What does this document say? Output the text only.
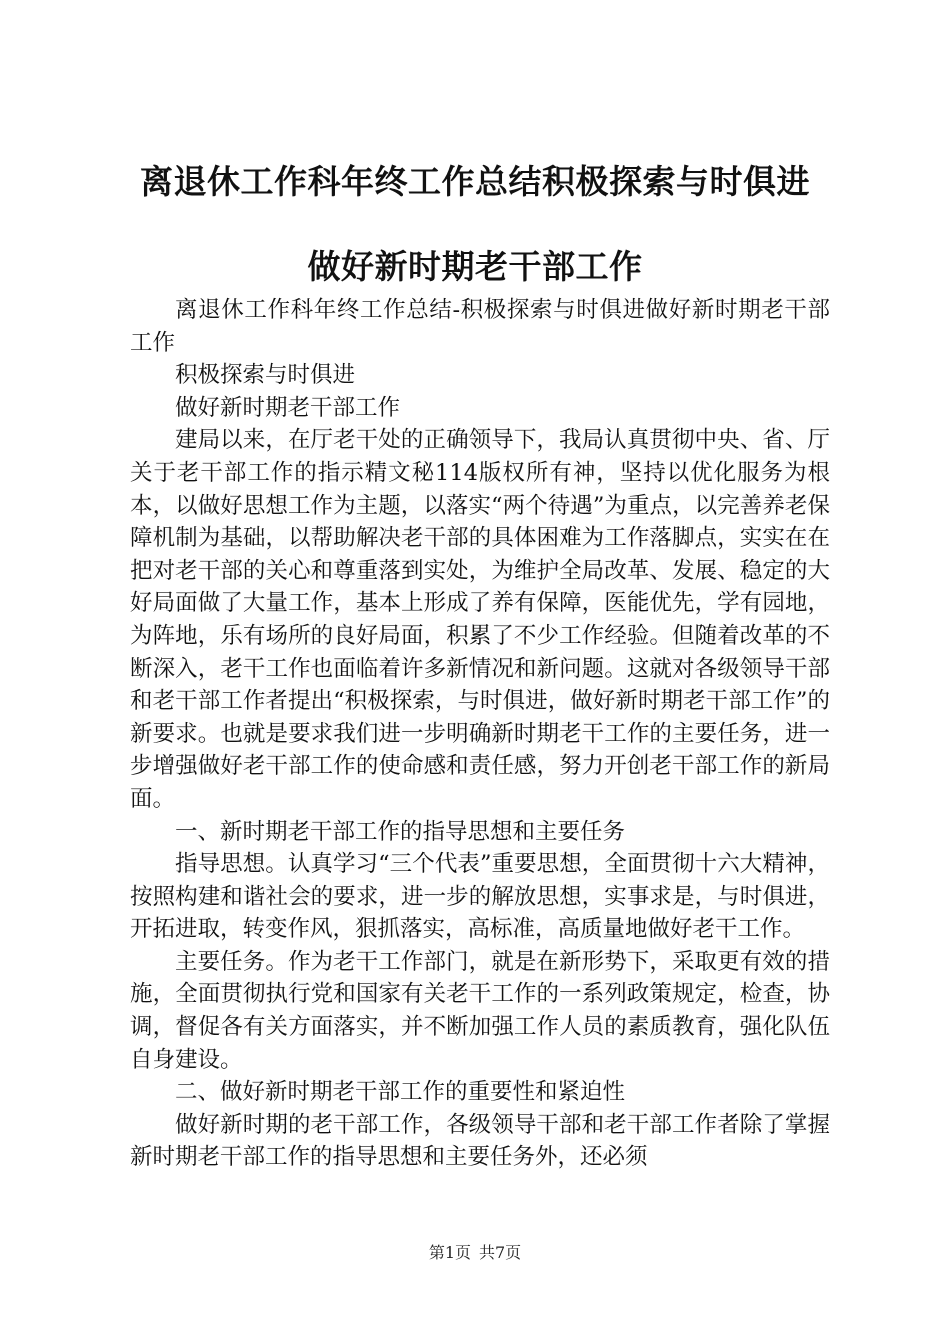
离退休工作科年终工作总结积极探索与时俱进
做好新时期老干部工作

离退休工作科年终工作总结-积极探索与时俱进做好新时期老干部工作

积极探索与时俱进

做好新时期老干部工作

建局以来，在厅老干处的正确领导下，我局认真贯彻中央、省、厅关于老干部工作的指示精文秘114版权所有神，坚持以优化服务为根本，以做好思想工作为主题，以落实“两个待遇”为重点，以完善养老保障机制为基础，以帮助解决老干部的具体困难为工作落脚点，实实在在把对老干部的关心和尊重落到实处，为维护全局改革、发展、稳定的大好局面做了大量工作，基本上形成了养有保障，医能优先，学有园地，为阵地，乐有场所的良好局面，积累了不少工作经验。但随着改革的不断深入，老干工作也面临着许多新情况和新问题。这就对各级领导干部和老干部工作者提出“积极探索，与时俱进，做好新时期老干部工作”的新要求。也就是要求我们进一步明确新时期老干工作的主要任务，进一步增强做好老干部工作的使命感和责任感，努力开创老干部工作的新局面。

一、新时期老干部工作的指导思想和主要任务

指导思想。认真学习“三个代表”重要思想，全面贯彻十六大精神，按照构建和谐社会的要求，进一步的解放思想，实事求是，与时俱进，开拓进取，转变作风，狠抓落实，高标准，高质量地做好老干工作。

主要任务。作为老干工作部门，就是在新形势下，采取更有效的措施，全面贯彻执行党和国家有关老干工作的一系列政策规定，检查，协调，督促各有关方面落实，并不断加强工作人员的素质教育，强化队伍自身建设。

二、做好新时期老干部工作的重要性和紧迫性

做好新时期的老干部工作，各级领导干部和老干部工作者除了掌握新时期老干部工作的指导思想和主要任务外，还必须

第1页 共7页
